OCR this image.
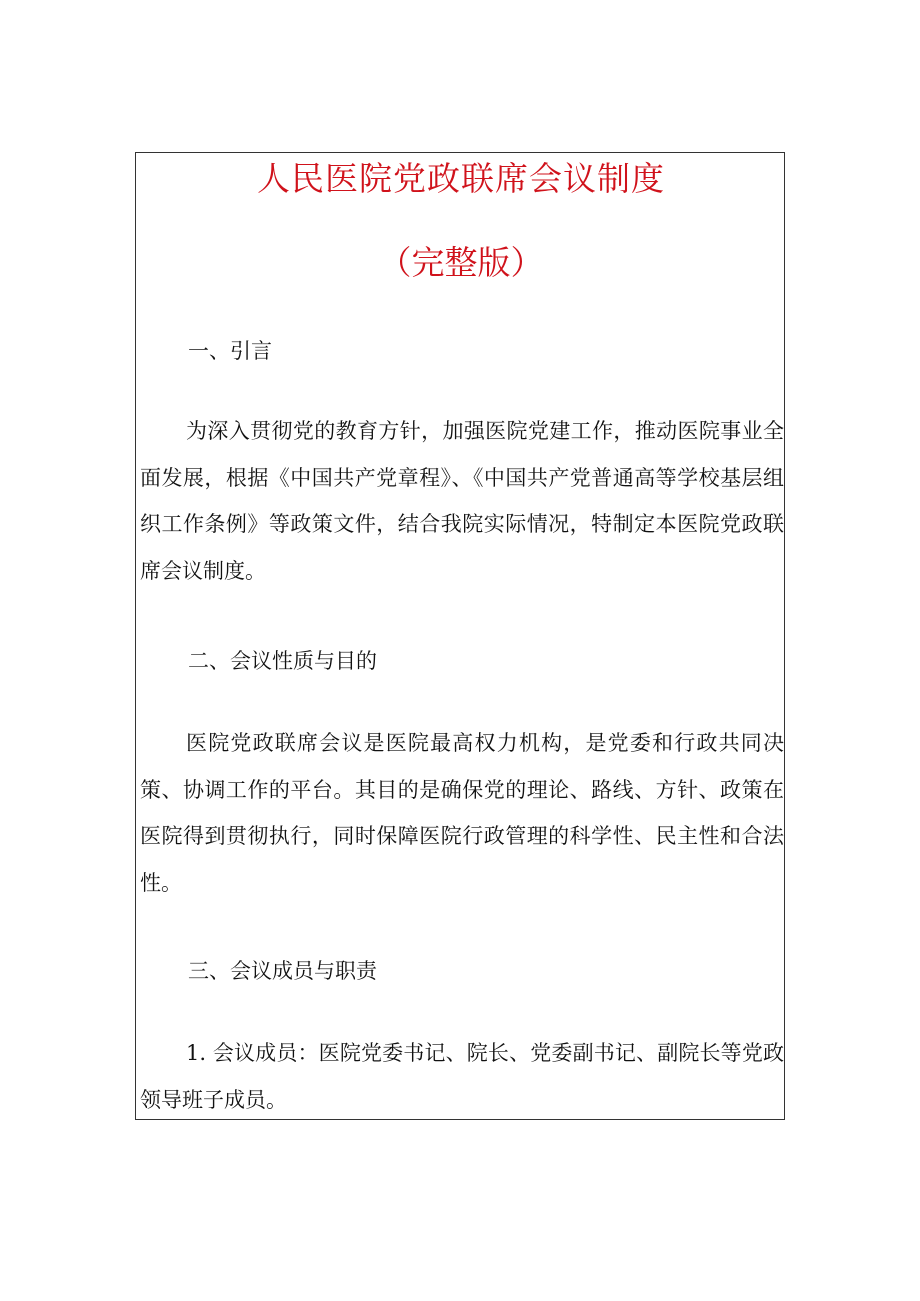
人民医院党政联席会议制度
（完整版）
一、引言

为深入贯彻党的教育方针，加强医院党建工作，推动医院事业全面发展，根据《中国共产党章程》、《中国共产党普通高等学校基层组织工作条例》等政策文件，结合我院实际情况，特制定本医院党政联席会议制度。

二、会议性质与目的

医院党政联席会议是医院最高权力机构，是党委和行政共同决策、协调工作的平台。其目的是确保党的理论、路线、方针、政策在医院得到贯彻执行，同时保障医院行政管理的科学性、民主性和合法性。

三、会议成员与职责

1. 会议成员：医院党委书记、院长、党委副书记、副院长等党政领导班子成员。
